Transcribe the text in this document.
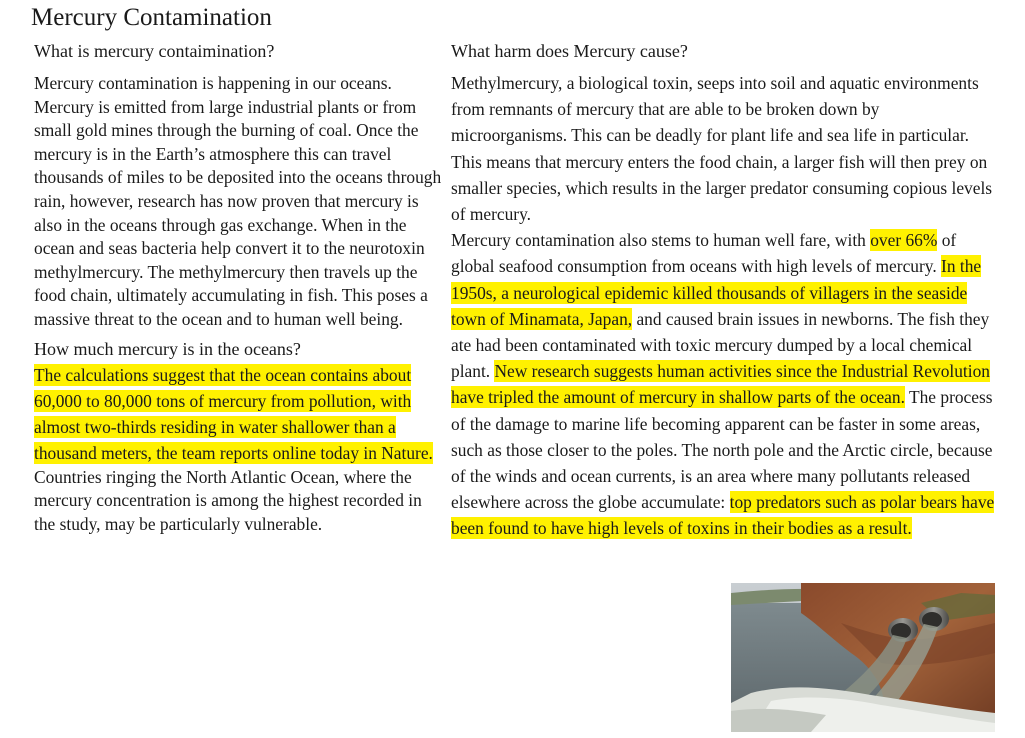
Mercury Contamination

What is mercury contaimination?

Mercury contamination is happening in our oceans. Mercury is emitted from large industrial plants or from small gold mines through the burning of coal. Once the mercury is in the Earth’s atmosphere this can travel thousands of miles to be deposited into the oceans through rain, however, research has now proven that mercury is also in the oceans through gas exchange. When in the ocean and seas bacteria help convert it to the neurotoxin methylmercury. The methylmercury then travels up the food chain, ultimately accumulating in fish. This poses a massive threat to the ocean and to human well being.

How much mercury is in the oceans?

The calculations suggest that the ocean contains about 60,000 to 80,000 tons of mercury from pollution, with almost two-thirds residing in water shallower than a thousand meters, the team reports online today in Nature.

Countries ringing the North Atlantic Ocean, where the mercury concentration is among the highest recorded in the study, may be particularly vulnerable.

What harm does Mercury cause?

Methylmercury, a biological toxin, seeps into soil and aquatic environments from remnants of mercury that are able to be broken down by microorganisms. This can be deadly for plant life and sea life in particular. This means that mercury enters the food chain, a larger fish will then prey on smaller species, which results in the larger predator consuming copious levels of mercury.

Mercury contamination also stems to human well fare, with over 66% of global seafood consumption from oceans with high levels of mercury. In the 1950s, a neurological epidemic killed thousands of villagers in the seaside town of Minamata, Japan, and caused brain issues in newborns. The fish they ate had been contaminated with toxic mercury dumped by a local chemical plant. New research suggests human activities since the Industrial Revolution have tripled the amount of mercury in shallow parts of the ocean. The process of the damage to marine life becoming apparent can be faster in some areas, such as those closer to the poles. The north pole and the Arctic circle, because of the winds and ocean currents, is an area where many pollutants released elsewhere across the globe accumulate: top predators such as polar bears have been found to have high levels of toxins in their bodies as a result.
